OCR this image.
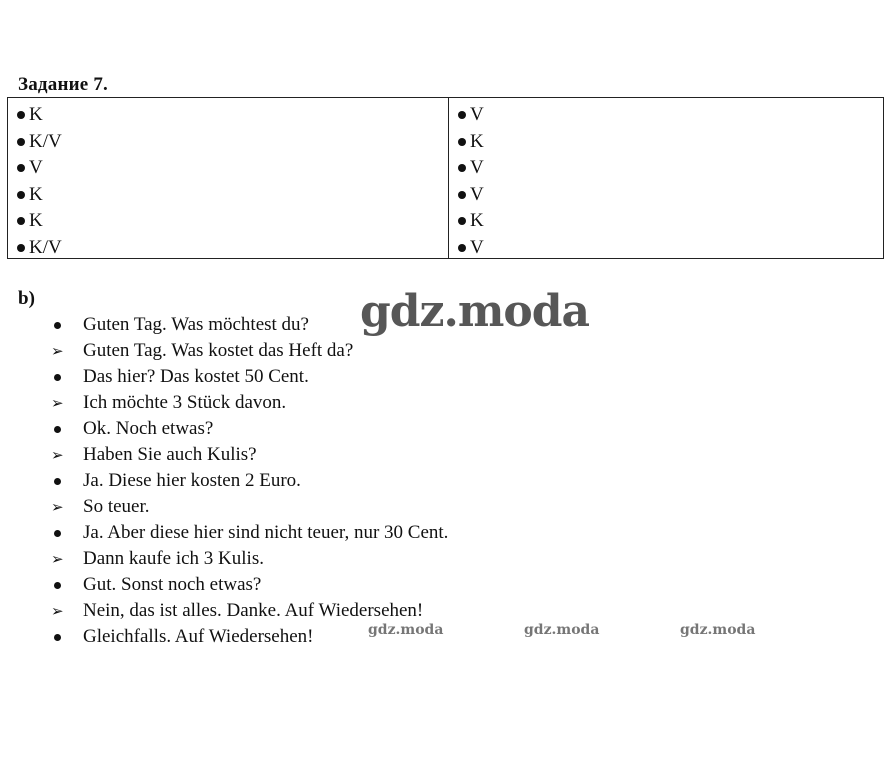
Задание 7.
K
K/V
V
K
K
K/V
V
K
V
V
K
V
b)
Guten Tag. Was möchtest du?
➢ Guten Tag. Was kostet das Heft da?
Das hier? Das kostet 50 Cent.
➢ Ich möchte 3 Stück davon.
Ok. Noch etwas?
➢ Haben Sie auch Kulis?
Ja. Diese hier kosten 2 Euro.
➢ So teuer.
Ja. Aber diese hier sind nicht teuer, nur 30 Cent.
➢ Dann kaufe ich 3 Kulis.
Gut. Sonst noch etwas?
➢ Nein, das ist alles. Danke. Auf Wiedersehen!
Gleichfalls. Auf Wiedersehen!
gdz.moda
gdz.moda	gdz.moda	gdz.moda
